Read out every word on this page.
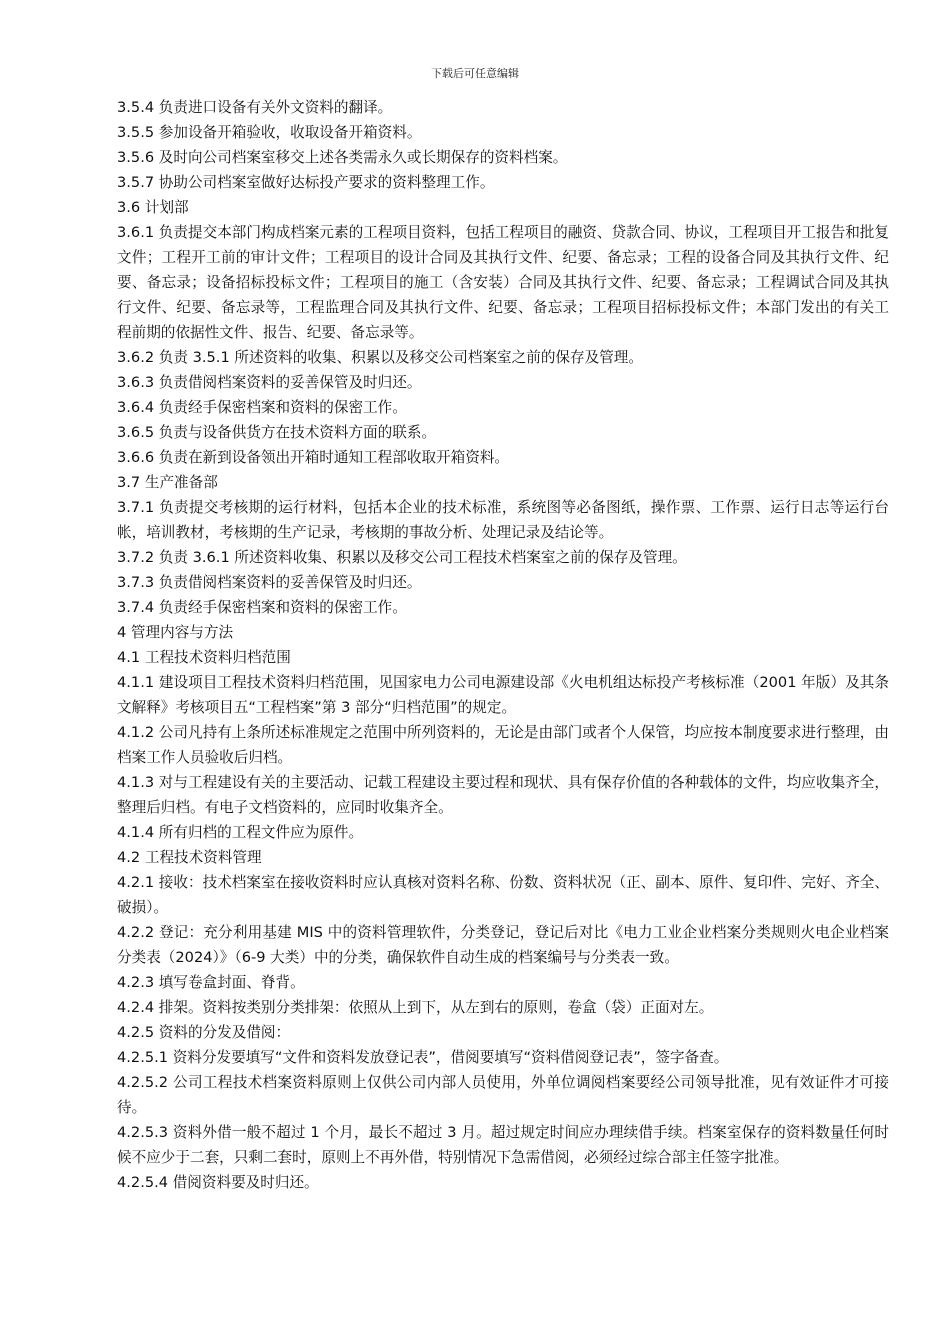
下载后可任意编辑

3.5.4 负责进口设备有关外文资料的翻译。

3.5.5 参加设备开箱验收，收取设备开箱资料。

3.5.6 及时向公司档案室移交上述各类需永久或长期保存的资料档案。

3.5.7 协助公司档案室做好达标投产要求的资料整理工作。

3.6 计划部

3.6.1 负责提交本部门构成档案元素的工程项目资料，包括工程项目的融资、贷款合同、协议，工程项目开工报告和批复文件；工程开工前的审计文件；工程项目的设计合同及其执行文件、纪要、备忘录；工程的设备合同及其执行文件、纪要、备忘录；设备招标投标文件；工程项目的施工（含安装）合同及其执行文件、纪要、备忘录；工程调试合同及其执行文件、纪要、备忘录等，工程监理合同及其执行文件、纪要、备忘录；工程项目招标投标文件；本部门发出的有关工程前期的依据性文件、报告、纪要、备忘录等。

3.6.2 负责 3.5.1 所述资料的收集、积累以及移交公司档案室之前的保存及管理。

3.6.3 负责借阅档案资料的妥善保管及时归还。

3.6.4 负责经手保密档案和资料的保密工作。

3.6.5 负责与设备供货方在技术资料方面的联系。

3.6.6 负责在新到设备领出开箱时通知工程部收取开箱资料。

3.7 生产准备部

3.7.1 负责提交考核期的运行材料，包括本企业的技术标准，系统图等必备图纸，操作票、工作票、运行日志等运行台帐，培训教材，考核期的生产记录，考核期的事故分析、处理记录及结论等。

3.7.2 负责 3.6.1 所述资料收集、积累以及移交公司工程技术档案室之前的保存及管理。

3.7.3 负责借阅档案资料的妥善保管及时归还。

3.7.4 负责经手保密档案和资料的保密工作。

4 管理内容与方法

4.1 工程技术资料归档范围

4.1.1 建设项目工程技术资料归档范围，见国家电力公司电源建设部《火电机组达标投产考核标准（2001 年版）及其条文解释》考核项目五“工程档案”第 3 部分“归档范围”的规定。

4.1.2 公司凡持有上条所述标准规定之范围中所列资料的，无论是由部门或者个人保管，均应按本制度要求进行整理，由档案工作人员验收后归档。

4.1.3 对与工程建设有关的主要活动、记载工程建设主要过程和现状、具有保存价值的各种载体的文件，均应收集齐全，整理后归档。有电子文档资料的，应同时收集齐全。

4.1.4 所有归档的工程文件应为原件。

4.2 工程技术资料管理

4.2.1 接收：技术档案室在接收资料时应认真核对资料名称、份数、资料状况（正、副本、原件、复印件、完好、齐全、破损）。

4.2.2 登记：充分利用基建 MIS 中的资料管理软件，分类登记，登记后对比《电力工业企业档案分类规则火电企业档案分类表（2024）》（6-9 大类）中的分类，确保软件自动生成的档案编号与分类表一致。

4.2.3 填写卷盒封面、脊背。

4.2.4 排架。资料按类别分类排架：依照从上到下，从左到右的原则，卷盒（袋）正面对左。

4.2.5 资料的分发及借阅：

4.2.5.1 资料分发要填写“文件和资料发放登记表”，借阅要填写“资料借阅登记表”，签字备查。

4.2.5.2 公司工程技术档案资料原则上仅供公司内部人员使用，外单位调阅档案要经公司领导批准，见有效证件才可接待。

4.2.5.3 资料外借一般不超过 1 个月，最长不超过 3 月。超过规定时间应办理续借手续。档案室保存的资料数量任何时候不应少于二套，只剩二套时，原则上不再外借，特别情况下急需借阅，必须经过综合部主任签字批准。

4.2.5.4 借阅资料要及时归还。
